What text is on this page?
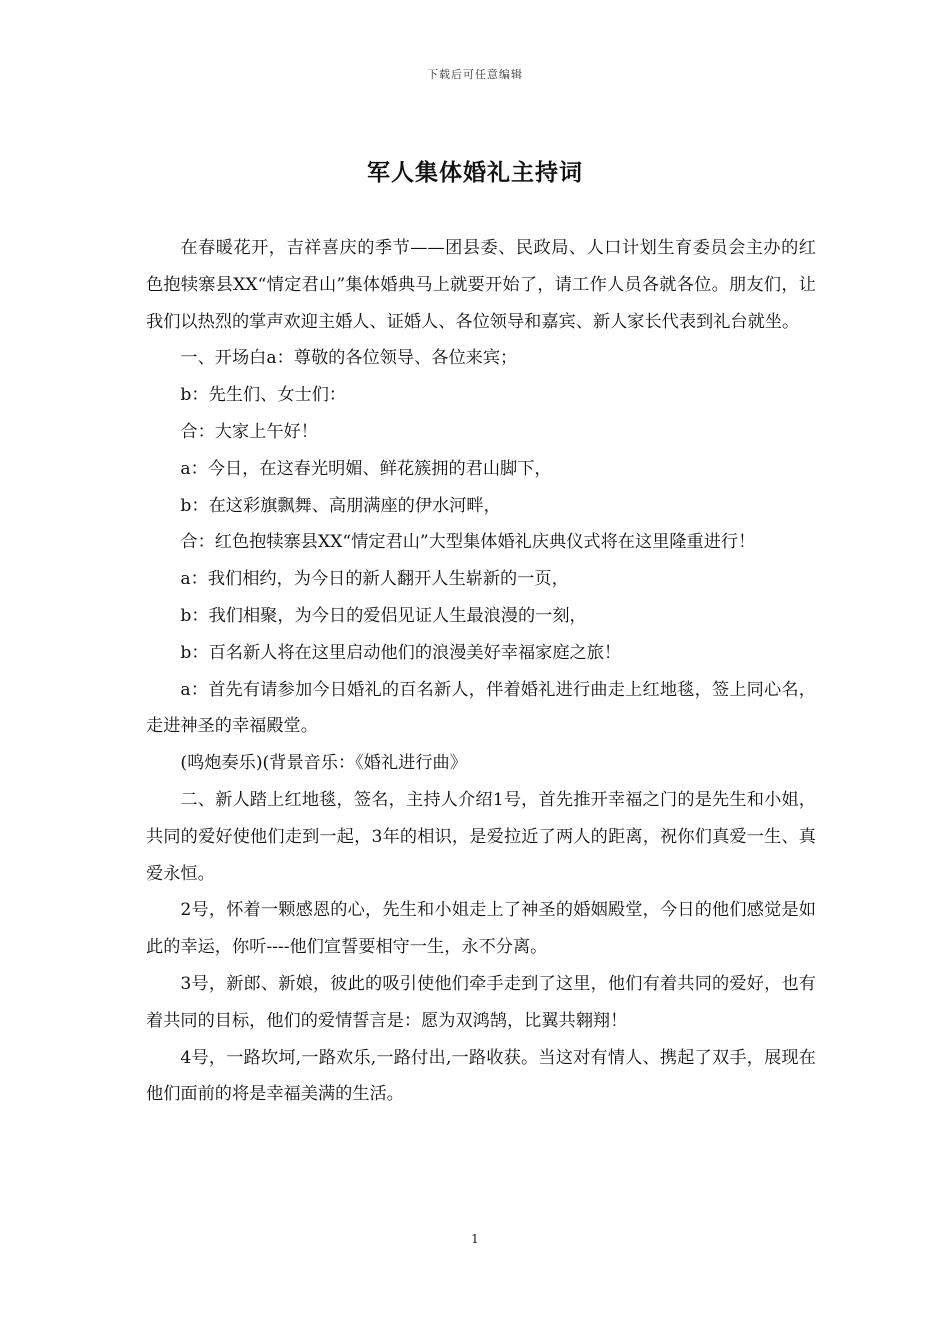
下载后可任意编辑
军人集体婚礼主持词

在春暖花开，吉祥喜庆的季节——团县委、民政局、人口计划生育委员会主办的红色抱犊寨县XX“情定君山”集体婚典马上就要开始了，请工作人员各就各位。朋友们，让我们以热烈的掌声欢迎主婚人、证婚人、各位领导和嘉宾、新人家长代表到礼台就坐。

一、开场白a：尊敬的各位领导、各位来宾；

b：先生们、女士们：

合：大家上午好！

a：今日，在这春光明媚、鲜花簇拥的君山脚下，

b：在这彩旗飘舞、高朋满座的伊水河畔，

合：红色抱犊寨县XX“情定君山”大型集体婚礼庆典仪式将在这里隆重进行！

a：我们相约，为今日的新人翻开人生崭新的一页，

b：我们相聚，为今日的爱侣见证人生最浪漫的一刻，

b：百名新人将在这里启动他们的浪漫美好幸福家庭之旅！

a：首先有请参加今日婚礼的百名新人，伴着婚礼进行曲走上红地毯，签上同心名，走进神圣的幸福殿堂。

(鸣炮奏乐)(背景音乐：《婚礼进行曲》

二、新人踏上红地毯，签名，主持人介绍1号，首先推开幸福之门的是先生和小姐，共同的爱好使他们走到一起，3年的相识，是爱拉近了两人的距离，祝你们真爱一生、真爱永恒。

2号，怀着一颗感恩的心，先生和小姐走上了神圣的婚姻殿堂，今日的他们感觉是如此的幸运，你听----他们宣誓要相守一生，永不分离。

3号，新郎、新娘，彼此的吸引使他们牵手走到了这里，他们有着共同的爱好，也有着共同的目标，他们的爱情誓言是：愿为双鸿鹄，比翼共翱翔！

4号，一路坎坷,一路欢乐,一路付出,一路收获。当这对有情人、携起了双手，展现在他们面前的将是幸福美满的生活。

1
